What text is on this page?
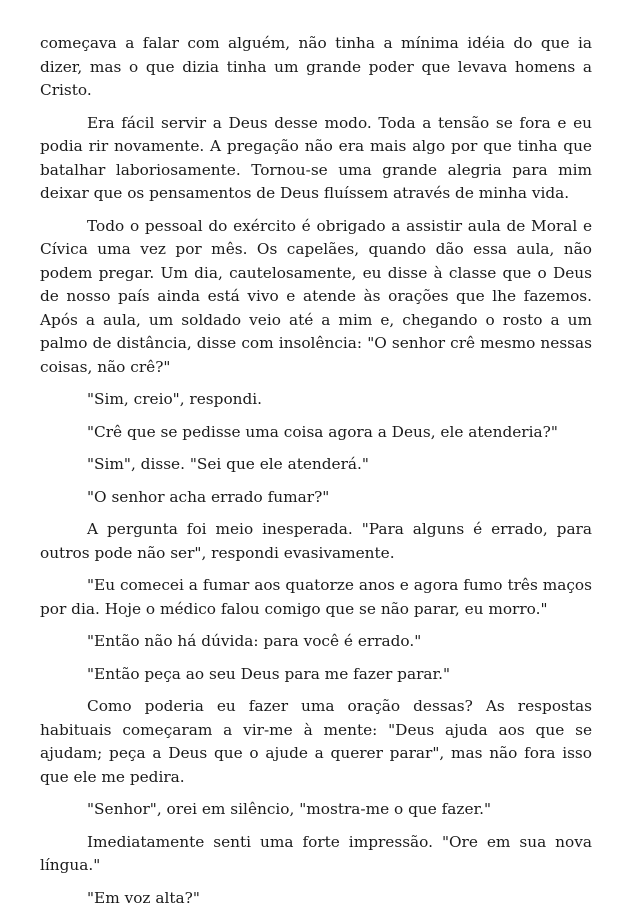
começava a falar com alguém, não tinha a mínima idéia do que ia dizer, mas o que dizia tinha um grande poder que levava homens a Cristo.

Era fácil servir a Deus desse modo. Toda a tensão se fora e eu podia rir novamente. A pregação não era mais algo por que tinha que batalhar laboriosamente. Tornou-se uma grande alegria para mim deixar que os pensamentos de Deus fluíssem através de minha vida.

Todo o pessoal do exército é obrigado a assistir aula de Moral e Cívica uma vez por mês. Os capelães, quando dão essa aula, não podem pregar. Um dia, cautelosamente, eu disse à classe que o Deus de nosso país ainda está vivo e atende às orações que lhe fazemos. Após a aula, um soldado veio até a mim e, chegando o rosto a um palmo de distância, disse com insolência: "O senhor crê mesmo nessas coisas, não crê?"

"Sim, creio", respondi.

"Crê que se pedisse uma coisa agora a Deus, ele atenderia?"

"Sim", disse. "Sei que ele atenderá."

"O senhor acha errado fumar?"

A pergunta foi meio inesperada. "Para alguns é errado, para outros pode não ser", respondi evasivamente.

"Eu comecei a fumar aos quatorze anos e agora fumo três maços por dia. Hoje o médico falou comigo que se não parar, eu morro."

"Então não há dúvida: para você é errado."

"Então peça ao seu Deus para me fazer parar."

Como poderia eu fazer uma oração dessas? As respostas habituais começaram a vir-me à mente: "Deus ajuda aos que se ajudam; peça a Deus que o ajude a querer parar", mas não fora isso que ele me pedira.

"Senhor", orei em silêncio, "mostra-me o que fazer."

Imediatamente senti uma forte impressão. "Ore em sua nova língua."

"Em voz alta?"
